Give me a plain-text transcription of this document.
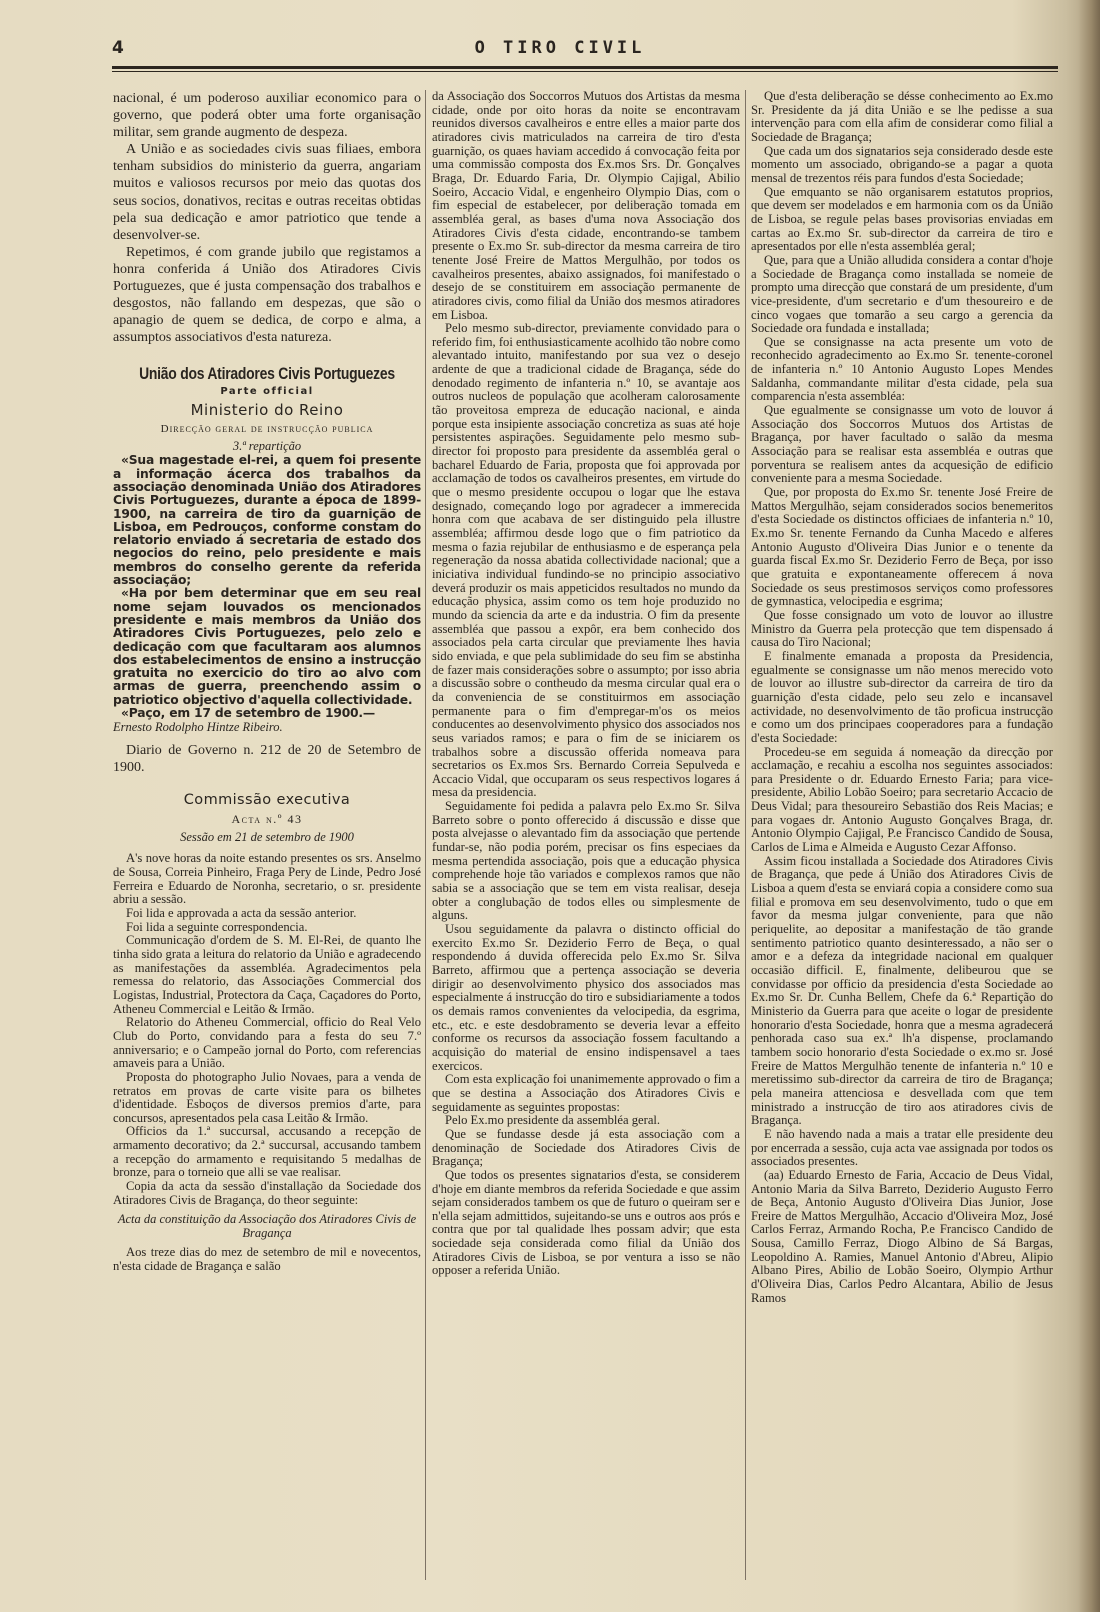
4	O TIRO CIVIL

nacional, é um poderoso auxiliar economico para o governo, que poderá obter uma forte organisação militar, sem grande augmento de despeza.

A União e as sociedades civis suas filiaes, embora tenham subsidios do ministerio da guerra, angariam muitos e valiosos recursos por meio das quotas dos seus socios, donativos, recitas e outras receitas obtidas pela sua dedicação e amor patriotico que tende a desenvolver-se.

Repetimos, é com grande jubilo que registamos a honra conferida á União dos Atiradores Civis Portuguezes, que é justa compensação dos trabalhos e desgostos, não fallando em despezas, que são o apanagio de quem se dedica, de corpo e alma, a assumptos associativos d'esta natureza.

União dos Atiradores Civis Portuguezes
Parte official
Ministerio do Reino
Direcção geral de instrucção publica
3.ª repartição

«Sua magestade el-rei, a quem foi presente a informação ácerca dos trabalhos da associação denominada União dos Atiradores Civis Portuguezes, durante a época de 1899-1900, na carreira de tiro da guarnição de Lisboa, em Pedrouços, conforme constam do relatorio enviado á secretaria de estado dos negocios do reino, pelo presidente e mais membros do conselho gerente da referida associação;

«Ha por bem determinar que em seu real nome sejam louvados os mencionados presidente e mais membros da União dos Atiradores Civis Portuguezes, pelo zelo e dedicação com que facultaram aos alumnos dos estabelecimentos de ensino a instrucção gratuita no exercicio do tiro ao alvo com armas de guerra, preenchendo assim o patriotico objectivo d'aquella collectividade.

«Paço, em 17 de setembro de 1900.—

Ernesto Rodolpho Hintze Ribeiro.

Diario de Governo n. 212 de 20 de Setembro de 1900.

Commissão executiva
Acta n.º 43
Sessão em 21 de setembro de 1900

A's nove horas da noite estando presentes os srs. Anselmo de Sousa, Correia Pinheiro, Fraga Pery de Linde, Pedro José Ferreira e Eduardo de Noronha, secretario, o sr. presidente abriu a sessão.

Foi lida e approvada a acta da sessão anterior.

Foi lida a seguinte correspondencia.

Communicação d'ordem de S. M. El-Rei, de quanto lhe tinha sido grata a leitura do relatorio da União e agradecendo as manifestações da assembléa. Agradecimentos pela remessa do relatorio, das Associações Commercial dos Logistas, Industrial, Protectora da Caça, Caçadores do Porto, Atheneu Commercial e Leitão & Irmão.

Relatorio do Atheneu Commercial, officio do Real Velo Club do Porto, convidando para a festa do seu 7.º anniversario; e o Campeão jornal do Porto, com referencias amaveis para a União.

Proposta do photographo Julio Novaes, para a venda de retratos em provas de carte visite para os bilhetes d'identidade. Esboços de diversos premios d'arte, para concursos, apresentados pela casa Leitão & Irmão.

Officios da 1.ª succursal, accusando a recepção de armamento decorativo; da 2.ª succursal, accusando tambem a recepção do armamento e requisitando 5 medalhas de bronze, para o torneio que alli se vae realisar.

Copia da acta da sessão d'installação da Sociedade dos Atiradores Civis de Bragança, do theor seguinte:

Acta da constituição da Associação dos Atiradores Civis de Bragança

Aos treze dias do mez de setembro de mil e novecentos, n'esta cidade de Bragança e salão

da Associação dos Soccorros Mutuos dos Artistas da mesma cidade, onde por oito horas da noite se encontravam reunidos diversos cavalheiros e entre elles a maior parte dos atiradores civis matriculados na carreira de tiro d'esta guarnição, os quaes haviam accedido á convocação feita por uma commissão composta dos Ex.mos Srs. Dr. Gonçalves Braga, Dr. Eduardo Faria, Dr. Olympio Cajigal, Abilio Soeiro, Accacio Vidal, e engenheiro Olympio Dias, com o fim especial de estabelecer, por deliberação tomada em assembléa geral, as bases d'uma nova Associação dos Atiradores Civis d'esta cidade, encontrando-se tambem presente o Ex.mo Sr. sub-director da mesma carreira de tiro tenente José Freire de Mattos Mergulhão, por todos os cavalheiros presentes, abaixo assignados, foi manifestado o desejo de se constituirem em associação permanente de atiradores civis, como filial da União dos mesmos atiradores em Lisboa.

Pelo mesmo sub-director, previamente convidado para o referido fim, foi enthusiasticamente acolhido tão nobre como alevantado intuito, manifestando por sua vez o desejo ardente de que a tradicional cidade de Bragança, séde do denodado regimento de infanteria n.º 10, se avantaje aos outros nucleos de população que acolheram calorosamente tão proveitosa empreza de educação nacional, e ainda porque esta insipiente associação concretiza as suas até hoje persistentes aspirações. Seguidamente pelo mesmo sub-director foi proposto para presidente da assembléa geral o bacharel Eduardo de Faria, proposta que foi approvada por acclamação de todos os cavalheiros presentes, em virtude do que o mesmo presidente occupou o logar que lhe estava designado, começando logo por agradecer a immerecida honra com que acabava de ser distinguido pela illustre assembléa; affirmou desde logo que o fim patriotico da mesma o fazia rejubilar de enthusiasmo e de esperança pela regeneração da nossa abatida collectividade nacional; que a iniciativa individual fundindo-se no principio associativo deverá produzir os mais appeticidos resultados no mundo da educação physica, assim como os tem hoje produzido no mundo da sciencia da arte e da industria. O fim da presente assembléa que passou a expôr, era bem conhecido dos associados pela carta circular que previamente lhes havia sido enviada, e que pela sublimidade do seu fim se abstinha de fazer mais considerações sobre o assumpto; por isso abria a discussão sobre o contheudo da mesma circular qual era o da conveniencia de se constituirmos em associação permanente para o fim d'empregar-m'os os meios conducentes ao desenvolvimento physico dos associados nos seus variados ramos; e para o fim de se iniciarem os trabalhos sobre a discussão offerida nomeava para secretarios os Ex.mos Srs. Bernardo Correia Sepulveda e Accacio Vidal, que occuparam os seus respectivos logares á mesa da presidencia.

Seguidamente foi pedida a palavra pelo Ex.mo Sr. Silva Barreto sobre o ponto offerecido á discussão e disse que posta alvejasse o alevantado fim da associação que pertende fundar-se, não podia porém, precisar os fins especiaes da mesma pertendida associação, pois que a educação physica comprehende hoje tão variados e complexos ramos que não sabia se a associação que se tem em vista realisar, deseja obter a conglubação de todos elles ou simplesmente de alguns.

Usou seguidamente da palavra o distincto official do exercito Ex.mo Sr. Deziderio Ferro de Beça, o qual respondendo á duvida offerecida pelo Ex.mo Sr. Silva Barreto, affirmou que a pertença associação se deveria dirigir ao desenvolvimento physico dos associados mas especialmente á instrucção do tiro e subsidiariamente a todos os demais ramos convenientes da velocipedia, da esgrima, etc., etc. e este desdobramento se deveria levar a effeito conforme os recursos da associação fossem facultando a acquisição do material de ensino indispensavel a taes exercicos.

Com esta explicação foi unanimemente approvado o fim a que se destina a Associação dos Atiradores Civis e seguidamente as seguintes propostas:

Pelo Ex.mo presidente da assembléa geral.

Que se fundasse desde já esta associação com a denominação de Sociedade dos Atiradores Civis de Bragança;

Que todos os presentes signatarios d'esta, se considerem d'hoje em diante membros da referida Sociedade e que assim sejam considerados tambem os que de futuro o queiram ser e n'ella sejam admittidos, sujeitando-se uns e outros aos prós e contra que por tal qualidade lhes possam advir; que esta sociedade seja considerada como filial da União dos Atiradores Civis de Lisboa, se por ventura a isso se não opposer a referida União.

Que d'esta deliberação se désse conhecimento ao Ex.mo Sr. Presidente da já dita União e se lhe pedisse a sua intervenção para com ella afim de considerar como filial a Sociedade de Bragança;

Que cada um dos signatarios seja considerado desde este momento um associado, obrigando-se a pagar a quota mensal de trezentos réis para fundos d'esta Sociedade;

Que emquanto se não organisarem estatutos proprios, que devem ser modelados e em harmonia com os da União de Lisboa, se regule pelas bases provisorias enviadas em cartas ao Ex.mo Sr. sub-director da carreira de tiro e apresentados por elle n'esta assembléa geral;

Que, para que a União alludida considera a contar d'hoje a Sociedade de Bragança como installada se nomeie de prompto uma direcção que constará de um presidente, d'um vice-presidente, d'um secretario e d'um thesoureiro e de cinco vogaes que tomarão a seu cargo a gerencia da Sociedade ora fundada e installada;

Que se consignasse na acta presente um voto de reconhecido agradecimento ao Ex.mo Sr. tenente-coronel de infanteria n.º 10 Antonio Augusto Lopes Mendes Saldanha, commandante militar d'esta cidade, pela sua comparencia n'esta assembléa:

Que egualmente se consignasse um voto de louvor á Associação dos Soccorros Mutuos dos Artistas de Bragança, por haver facultado o salão da mesma Associação para se realisar esta assembléa e outras que porventura se realisem antes da acquesição de edificio conveniente para a mesma Sociedade.

Que, por proposta do Ex.mo Sr. tenente José Freire de Mattos Mergulhão, sejam considerados socios benemeritos d'esta Sociedade os distinctos officiaes de infanteria n.º 10, Ex.mo Sr. tenente Fernando da Cunha Macedo e alferes Antonio Augusto d'Oliveira Dias Junior e o tenente da guarda fiscal Ex.mo Sr. Deziderio Ferro de Beça, por isso que gratuita e expontaneamente offerecem á nova Sociedade os seus prestimosos serviços como professores de gymnastica, velocipedia e esgrima;

Que fosse consignado um voto de louvor ao illustre Ministro da Guerra pela protecção que tem dispensado á causa do Tiro Nacional;

E finalmente emanada a proposta da Presidencia, egualmente se consignasse um não menos merecido voto de louvor ao illustre sub-director da carreira de tiro da guarnição d'esta cidade, pelo seu zelo e incansavel actividade, no desenvolvimento de tão proficua instrucção e como um dos principaes cooperadores para a fundação d'esta Sociedade:

Procedeu-se em seguida á nomeação da direcção por acclamação, e recahiu a escolha nos seguintes associados: para Presidente o dr. Eduardo Ernesto Faria; para vice-presidente, Abilio Lobão Soeiro; para secretario Accacio de Deus Vidal; para thesoureiro Sebastião dos Reis Macias; e para vogaes dr. Antonio Augusto Gonçalves Braga, dr. Antonio Olympio Cajigal, P.e Francisco Candido de Sousa, Carlos de Lima e Almeida e Augusto Cezar Affonso.

Assim ficou installada a Sociedade dos Atiradores Civis de Bragança, que pede á União dos Atiradores Civis de Lisboa a quem d'esta se enviará copia a considere como sua filial e promova em seu desenvolvimento, tudo o que em favor da mesma julgar conveniente, para que não periquelite, ao depositar a manifestação de tão grande sentimento patriotico quanto desinteressado, a não ser o amor e a defeza da integridade nacional em qualquer occasião difficil. E, finalmente, delibeurou que se convidasse por officio da presidencia d'esta Sociedade ao Ex.mo Sr. Dr. Cunha Bellem, Chefe da 6.ª Repartição do Ministerio da Guerra para que aceite o logar de presidente honorario d'esta Sociedade, honra que a mesma agradecerá penhorada caso sua ex.ª lh'a dispense, proclamando tambem socio honorario d'esta Sociedade o ex.mo sr. José Freire de Mattos Mergulhão tenente de infanteria n.º 10 e meretissimo sub-director da carreira de tiro de Bragança; pela maneira attenciosa e desvellada com que tem ministrado a instrucção de tiro aos atiradores civis de Bragança.

E não havendo nada a mais a tratar elle presidente deu por encerrada a sessão, cuja acta vae assignada por todos os associados presentes.

(aa) Eduardo Ernesto de Faria, Accacio de Deus Vidal, Antonio Maria da Silva Barreto, Deziderio Augusto Ferro de Beça, Antonio Augusto d'Oliveira Dias Junior, Jose Freire de Mattos Mergulhão, Accacio d'Oliveira Moz, José Carlos Ferraz, Armando Rocha, P.e Francisco Candido de Sousa, Camillo Ferraz, Diogo Albino de Sá Bargas, Leopoldino A. Ramies, Manuel Antonio d'Abreu, Alipio Albano Pires, Abilio de Lobão Soeiro, Olympio Arthur d'Oliveira Dias, Carlos Pedro Alcantara, Abilio de Jesus Ramos
